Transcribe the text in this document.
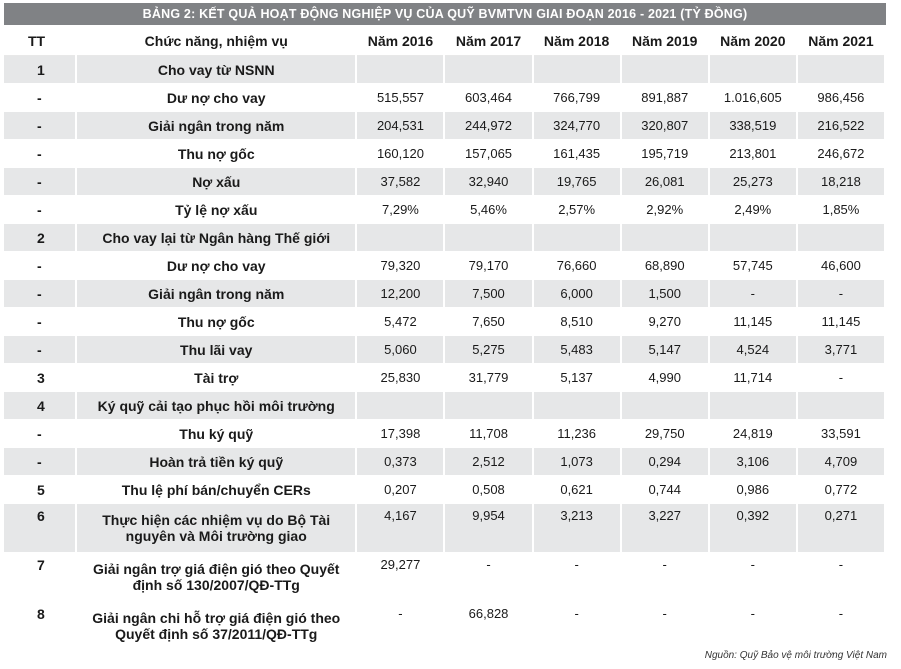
BẢNG 2: KẾT QUẢ HOẠT ĐỘNG NGHIỆP VỤ CỦA QUỸ BVMTVN GIAI ĐOẠN 2016 - 2021 (TỶ ĐỒNG)
TT	Chức năng, nhiệm vụ	Năm 2016	Năm 2017	Năm 2018	Năm 2019	Năm 2020	Năm 2021
1	Cho vay từ NSNN						
-	Dư nợ cho vay	515,557	603,464	766,799	891,887	1.016,605	986,456
-	Giải ngân trong năm	204,531	244,972	324,770	320,807	338,519	216,522
-	Thu nợ gốc	160,120	157,065	161,435	195,719	213,801	246,672
-	Nợ xấu	37,582	32,940	19,765	26,081	25,273	18,218
-	Tỷ lệ nợ xấu	7,29%	5,46%	2,57%	2,92%	2,49%	1,85%
2	Cho vay lại từ Ngân hàng Thế giới						
-	Dư nợ cho vay	79,320	79,170	76,660	68,890	57,745	46,600
-	Giải ngân trong năm	12,200	7,500	6,000	1,500	-	-
-	Thu nợ gốc	5,472	7,650	8,510	9,270	11,145	11,145
-	Thu lãi vay	5,060	5,275	5,483	5,147	4,524	3,771
3	Tài trợ	25,830	31,779	5,137	4,990	11,714	-
4	Ký quỹ cải tạo phục hồi môi trường						
-	Thu ký quỹ	17,398	11,708	11,236	29,750	24,819	33,591
-	Hoàn trả tiền ký quỹ	0,373	2,512	1,073	0,294	3,106	4,709
5	Thu lệ phí bán/chuyển CERs	0,207	0,508	0,621	0,744	0,986	0,772
6	Thực hiện các nhiệm vụ do Bộ Tài nguyên và Môi trường giao	4,167	9,954	3,213	3,227	0,392	0,271
7	Giải ngân trợ giá điện gió theo Quyết định số 130/2007/QĐ-TTg	29,277	-	-	-	-	-
8	Giải ngân chi hỗ trợ giá điện gió theo Quyết định số 37/2011/QĐ-TTg	-	66,828	-	-	-	-
Nguồn: Quỹ Bảo vệ môi trường Việt Nam
